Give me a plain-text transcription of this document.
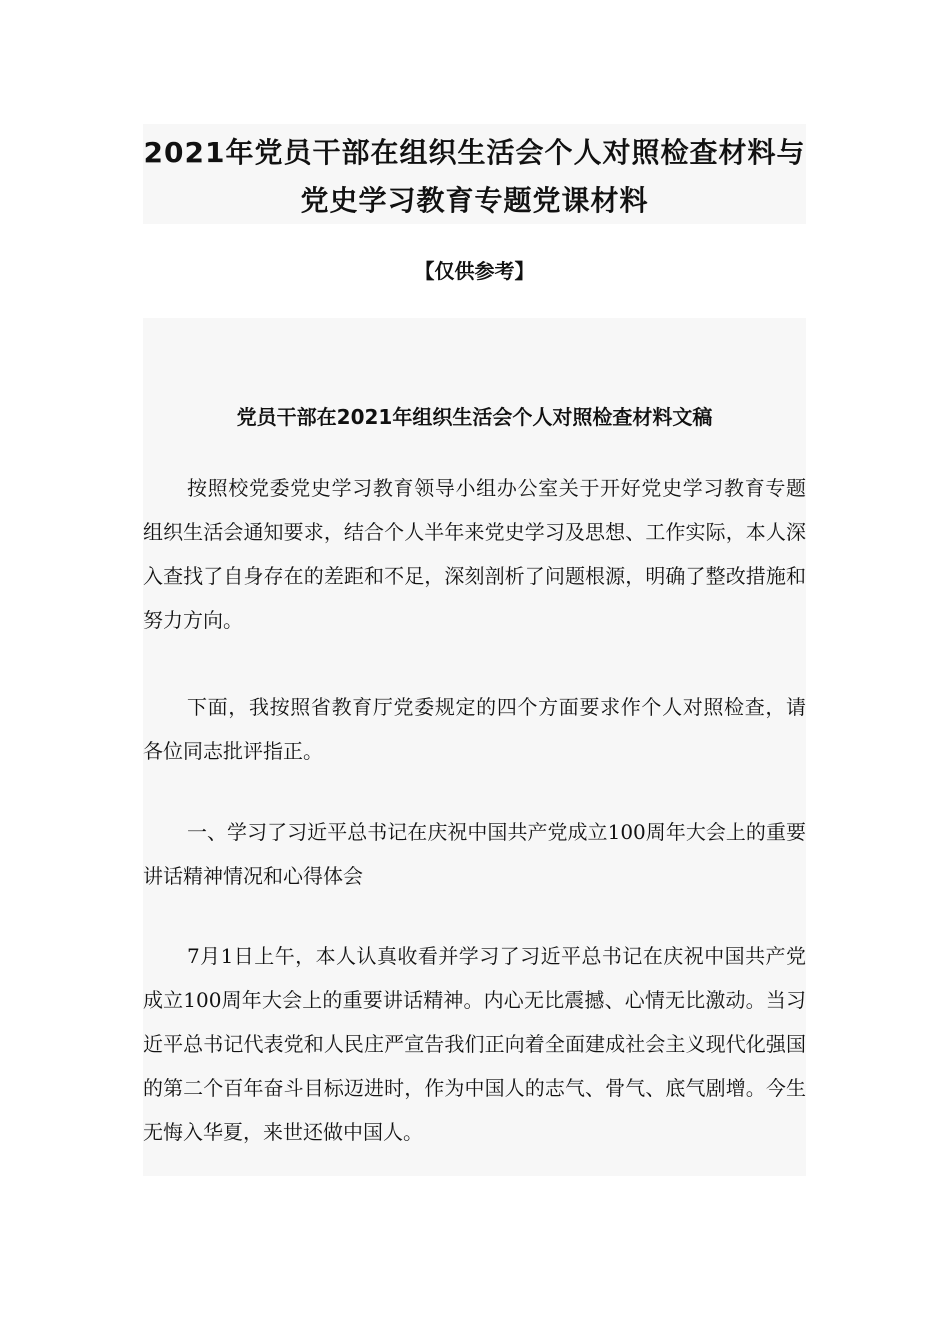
2021年党员干部在组织生活会个人对照检查材料与
党史学习教育专题党课材料
【仅供参考】
党员干部在2021年组织生活会个人对照检查材料文稿

按照校党委党史学习教育领导小组办公室关于开好党史学习教育专题组织生活会通知要求，结合个人半年来党史学习及思想、工作实际，本人深入查找了自身存在的差距和不足，深刻剖析了问题根源，明确了整改措施和努力方向。

下面，我按照省教育厅党委规定的四个方面要求作个人对照检查，请各位同志批评指正。

一、学习了习近平总书记在庆祝中国共产党成立100周年大会上的重要讲话精神情况和心得体会

7月1日上午，本人认真收看并学习了习近平总书记在庆祝中国共产党成立100周年大会上的重要讲话精神。内心无比震撼、心情无比激动。当习近平总书记代表党和人民庄严宣告我们正向着全面建成社会主义现代化强国的第二个百年奋斗目标迈进时，作为中国人的志气、骨气、底气剧增。今生无悔入华夏，来世还做中国人。
